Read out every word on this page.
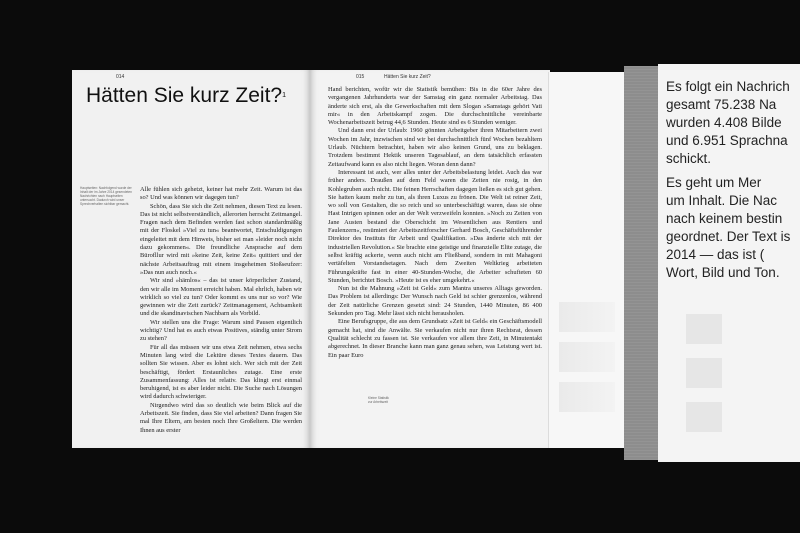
014
Hätten Sie kurz Zeit?$^1$
Hauptseiten: Nachfolgend wurde der Inhalt der im Jahre 2014 gesendeten Nachrichten nach Hauptseiten untersucht. Dadurch wird unser Sprechverhalten sichtbar gemacht.

Alle fühlen sich gehetzt, keiner hat mehr Zeit. Warum ist das so? Und was können wir dagegen tun?

Schön, dass Sie sich die Zeit nehmen, diesen Text zu lesen. Das ist nicht selbstverständlich, allerorten herrscht Zeitmangel. Fragen nach dem Befinden werden fast schon standardmäßig mit der Floskel »Viel zu tun« beantwortet, Entschuldigungen eingeleitet mit dem Hinweis, bisher sei man »leider noch nicht dazu gekommen«. Die freundliche Ansprache auf dem Bürofllur wird mit »keine Zeit, keine Zeit« quittiert und der nächste Arbeitsauftrag mit einem insgeheimen Stoßseufzer: »Das nun auch noch.«

Wir sind »hämlos« – das ist unser körperlicher Zustand, den wir alle im Moment erreicht haben. Mal ehrlich, haben wir wirklich so viel zu tun? Oder kommt es uns nur so vor? Wie gewinnen wir die Zeit zurück? Zeitmanagement, Achtsamkeit und die skandinavischen Nachbarn als Vorbild.

Wir stellen uns die Frage: Warum sind Pausen eigentlich wichtig? Und hat es auch etwas Positives, ständig unter Strom zu stehen?

Für all das müssen wir uns etwa Zeit nehmen, etwa sechs Minuten lang wird die Lektüre dieses Textes dauern. Das sollten Sie wissen. Aber es lohnt sich. Wer sich mit der Zeit beschäftigt, fördert Erstaunliches zutage. Eine erste Zusammenfassung: Alles ist relativ. Das klingt erst einmal beruhigend, ist es aber leider nicht. Die Suche nach Lösungen wird dadurch schwieriger.

Nirgendwo wird das so deutlich wie beim Blick auf die Arbeitszeit. Sie finden, dass Sie viel arbeiten? Dann fragen Sie mal Ihre Eltern, am besten noch Ihre Großeltern. Die werden Ihnen aus erster

015	Hätten Sie kurz Zeit?

Hand berichten, wofür wir die Statistik bemühen: Bis in die 60er Jahre des vergangenen Jahrhunderts war der Samstag ein ganz normaler Arbeitstag. Das änderte sich erst, als die Gewerkschaften mit dem Slogan »Samstags gehört Vati mir« in den Arbeitskampf zogen. Die durchschnittliche vereinbarte Wochenarbeitszeit betrug 44,6 Stunden. Heute sind es 6 Stunden weniger.

Und dann erst der Urlaub: 1960 gönnten Arbeitgeber ihren Mitarbeitern zwei Wochen im Jahr, inzwischen sind wir bei durchschnittlich fünf Wochen bezahltem Urlaub. Nüchtern betrachtet, haben wir also keinen Grund, uns zu beklagen. Trotzdem bestimmt Hektik unseren Tagesablauf, an dem tatsächlich erfassten Zeitaufwand kann es also nicht liegen. Woran denn dann?

Interessant ist auch, wer alles unter der Arbeitsbelastung leidet. Auch das war früher anders. Draußen auf dem Feld waren die Zeiten nie rosig, in den Kohlegruben auch nicht. Die feinen Herrschaften dagegen ließen es sich gut gehen. Sie hatten kaum mehr zu tun, als ihren Luxus zu frönen. Die Welt ist reiner Zeit, wo soll von Gestalten, die so reich und so unterbeschäftigt waren, dass sie ohne Hast Intrigen spinnen oder an der Welt verzweifeln konnten. »Noch zu Zeiten von Jane Austen bestand die Oberschicht im Wesentlichen aus Rentiers und Faulenzern«, resümiert der Arbeitszeitforscher Gerhard Bosch, Geschäftsführender Direktor des Instituts für Arbeit und Qualifikation. »Das änderte sich mit der industriellen Revolution.« Sie brachte eine geistige und finanzielle Elite zutage, die selbst kräftig ackerte, wenn auch nicht am Fließband, sondern in mit Mahagoni vertäfelten Vorstandsetagen. Nach dem Zweiten Weltkrieg arbeiteten Führungskräfte fast in einer 40-Stunden-Woche, die Arbeiter schufteten 60 Stunden, berichtet Bosch. »Heute ist es eher umgekehrt.«

Nun ist die Mahnung »Zeit ist Geld« zum Mantra unseres Alltags geworden. Das Problem ist allerdings: Der Wunsch nach Geld ist schier grenzenlos, während der Zeit natürliche Grenzen gesetzt sind: 24 Stunden, 1440 Minuten, 86 400 Sekunden pro Tag. Mehr lässt sich nicht herausholen.

Eine Berufsgruppe, die aus dem Grundsatz »Zeit ist Geld« ein Geschäftsmodell gemacht hat, sind die Anwälte. Sie verkaufen nicht nur ihren Rechtsrat, dessen Qualität schlecht zu fassen ist. Sie verkaufen vor allem ihre Zeit, in Minutentakt abgerechnet. In dieser Branche kann man ganz genau sehen, was Leistung wert ist. Ein paar Euro

Kleine Statistik zur Arbeitszeit
Es folgt ein Nachrich
gesamt 75.238 Na
wurden 4.408 Bilde
und 6.951 Sprachna
schickt.
Es geht um Mer
um Inhalt. Die Nac
nach keinem bestin
geordnet. Der Text is
2014 — das ist (
Wort, Bild und Ton.
